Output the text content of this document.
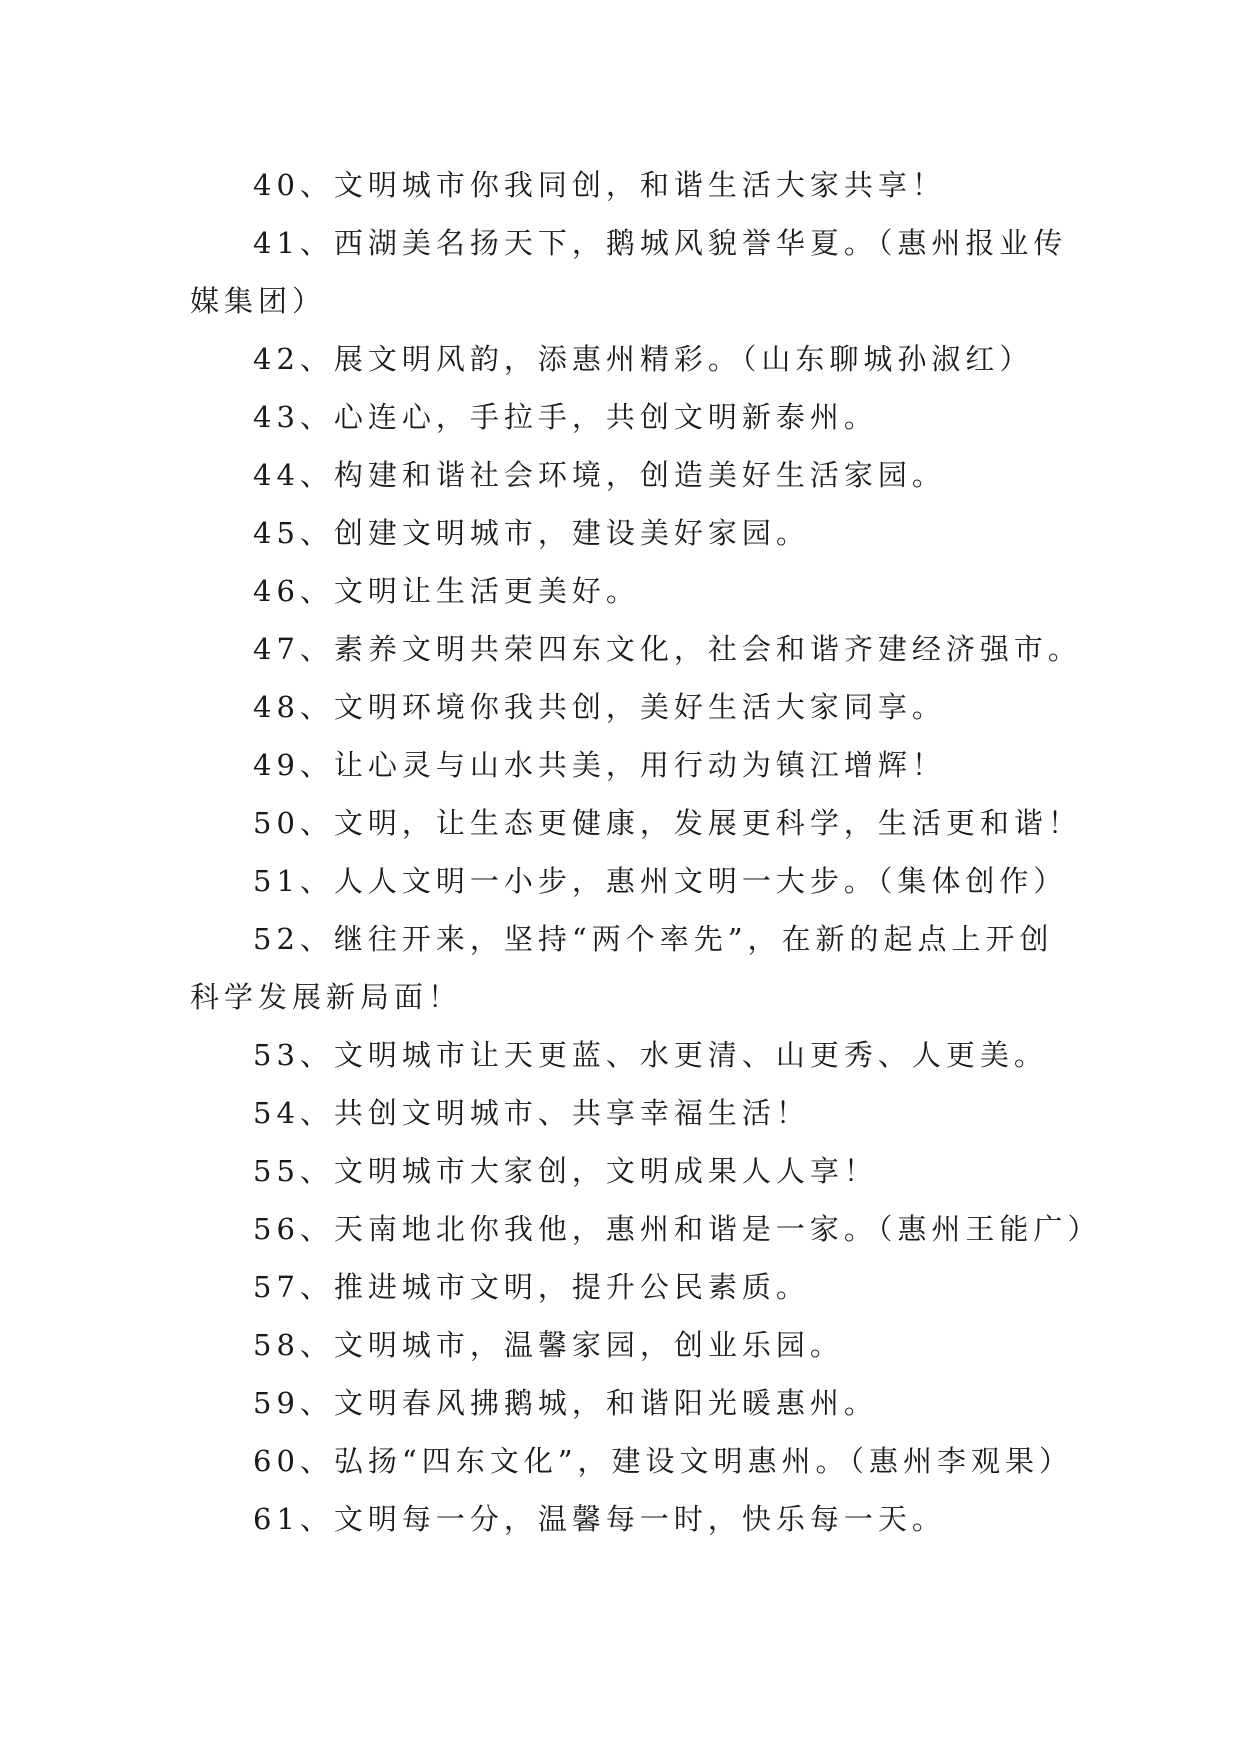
40、文明城市你我同创，和谐生活大家共享！
41、西湖美名扬天下，鹅城风貌誉华夏。（惠州报业传
媒集团）
42、展文明风韵，添惠州精彩。（山东聊城孙淑红）
43、心连心，手拉手，共创文明新泰州。
44、构建和谐社会环境，创造美好生活家园。
45、创建文明城市，建设美好家园。
46、文明让生活更美好。
47、素养文明共荣四东文化，社会和谐齐建经济强市。
48、文明环境你我共创，美好生活大家同享。
49、让心灵与山水共美，用行动为镇江增辉！
50、文明，让生态更健康，发展更科学，生活更和谐！
51、人人文明一小步，惠州文明一大步。（集体创作）
52、继往开来，坚持“两个率先”，在新的起点上开创
科学发展新局面！
53、文明城市让天更蓝、水更清、山更秀、人更美。
54、共创文明城市、共享幸福生活！
55、文明城市大家创，文明成果人人享！
56、天南地北你我他，惠州和谐是一家。（惠州王能广）
57、推进城市文明，提升公民素质。
58、文明城市，温馨家园，创业乐园。
59、文明春风拂鹅城，和谐阳光暖惠州。
60、弘扬“四东文化”，建设文明惠州。（惠州李观果）
61、文明每一分，温馨每一时，快乐每一天。
